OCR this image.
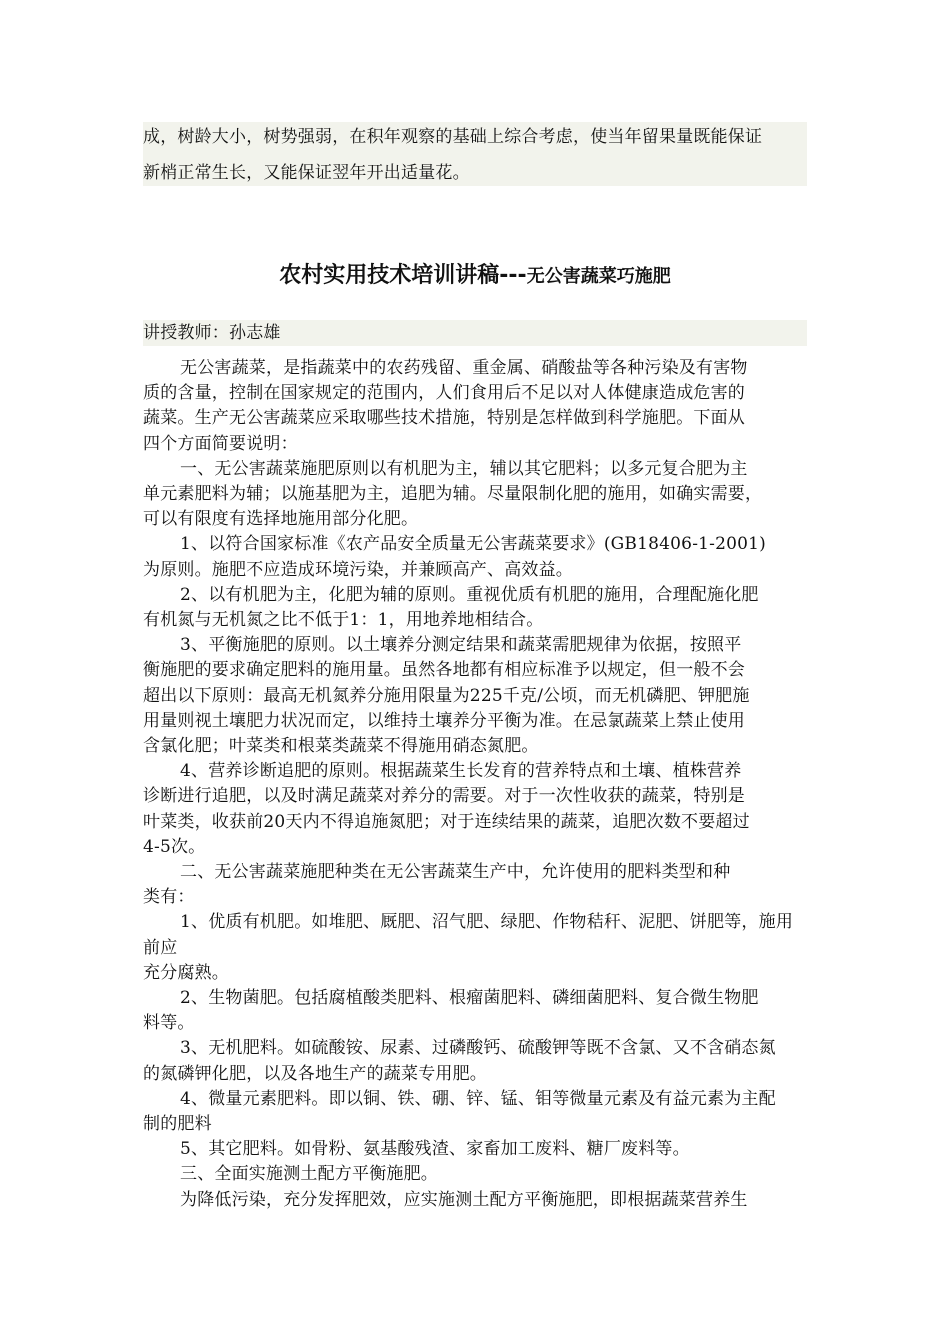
成，树龄大小，树势强弱，在积年观察的基础上综合考虑，使当年留果量既能保证
新梢正常生长，又能保证翌年开出适量花。
农村实用技术培训讲稿---无公害蔬菜巧施肥
讲授教师：孙志雄
无公害蔬菜，是指蔬菜中的农药残留、重金属、硝酸盐等各种污染及有害物
质的含量，控制在国家规定的范围内，人们食用后不足以对人体健康造成危害的
蔬菜。生产无公害蔬菜应采取哪些技术措施，特别是怎样做到科学施肥。下面从
四个方面简要说明：
一、无公害蔬菜施肥原则以有机肥为主，辅以其它肥料；以多元复合肥为主
单元素肥料为辅；以施基肥为主，追肥为辅。尽量限制化肥的施用，如确实需要，
可以有限度有选择地施用部分化肥。
1、以符合国家标准《农产品安全质量无公害蔬菜要求》(GB18406-1-2001)
为原则。施肥不应造成环境污染，并兼顾高产、高效益。
2、以有机肥为主，化肥为辅的原则。重视优质有机肥的施用，合理配施化肥
有机氮与无机氮之比不低于1：1，用地养地相结合。
3、平衡施肥的原则。以土壤养分测定结果和蔬菜需肥规律为依据，按照平
衡施肥的要求确定肥料的施用量。虽然各地都有相应标准予以规定，但一般不会
超出以下原则：最高无机氮养分施用限量为225千克/公顷，而无机磷肥、钾肥施
用量则视土壤肥力状况而定，以维持土壤养分平衡为准。在忌氯蔬菜上禁止使用
含氯化肥；叶菜类和根菜类蔬菜不得施用硝态氮肥。
4、营养诊断追肥的原则。根据蔬菜生长发育的营养特点和土壤、植株营养
诊断进行追肥，以及时满足蔬菜对养分的需要。对于一次性收获的蔬菜，特别是
叶菜类，收获前20天内不得追施氮肥；对于连续结果的蔬菜，追肥次数不要超过
4-5次。
二、无公害蔬菜施肥种类在无公害蔬菜生产中，允许使用的肥料类型和种
类有：
1、优质有机肥。如堆肥、厩肥、沼气肥、绿肥、作物秸秆、泥肥、饼肥等，施用
前应
充分腐熟。
2、生物菌肥。包括腐植酸类肥料、根瘤菌肥料、磷细菌肥料、复合微生物肥
料等。
3、无机肥料。如硫酸铵、尿素、过磷酸钙、硫酸钾等既不含氯、又不含硝态氮
的氮磷钾化肥，以及各地生产的蔬菜专用肥。
4、微量元素肥料。即以铜、铁、硼、锌、锰、钼等微量元素及有益元素为主配
制的肥料
5、其它肥料。如骨粉、氨基酸残渣、家畜加工废料、糖厂废料等。
三、全面实施测土配方平衡施肥。
为降低污染，充分发挥肥效，应实施测土配方平衡施肥，即根据蔬菜营养生
